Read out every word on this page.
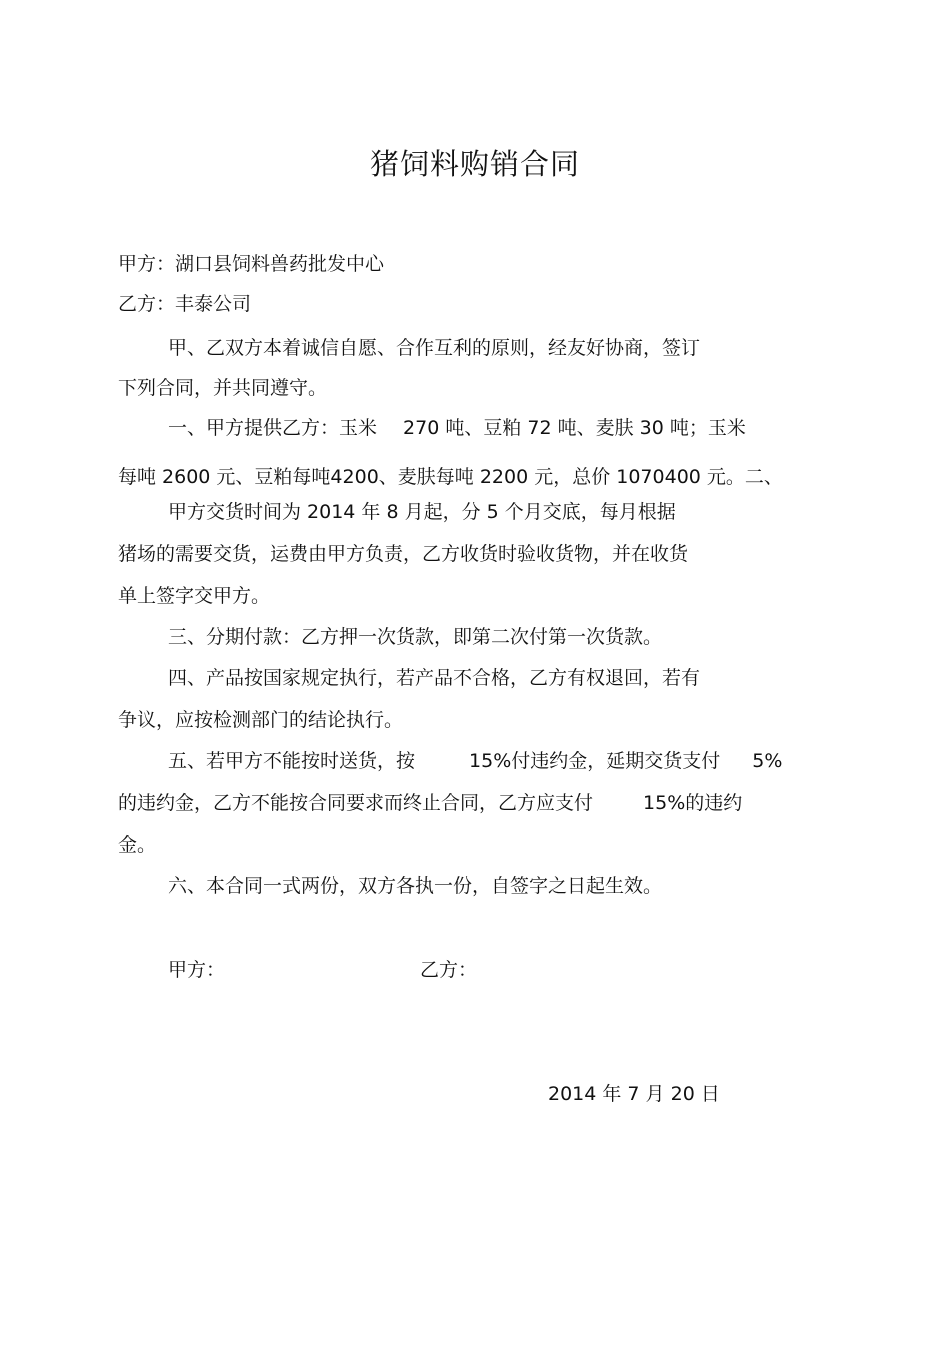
猪饲料购销合同
甲方：湖口县饲料兽药批发中心
乙方：丰泰公司
甲、乙双方本着诚信自愿、合作互利的原则，经友好协商，签订
下列合同，并共同遵守。
一、甲方提供乙方：玉米 270 吨、豆粕 72 吨、麦肤 30 吨；玉米
每吨 2600 元、豆粕每吨4200、麦肤每吨 2200 元，总价 1070400 元。二、
甲方交货时间为 2014 年 8 月起，分 5 个月交底，每月根据
猪场的需要交货，运费由甲方负责，乙方收货时验收货物，并在收货
单上签字交甲方。
三、分期付款：乙方押一次货款，即第二次付第一次货款。
四、产品按国家规定执行，若产品不合格，乙方有权退回，若有
争议，应按检测部门的结论执行。
五、若甲方不能按时送货，按	15%付违约金，延期交货支付 5%
的违约金，乙方不能按合同要求而终止合同，乙方应支付	15%的违约
金。
六、本合同一式两份，双方各执一份，自签字之日起生效。
甲方：	乙方：
2014 年 7 月 20 日
